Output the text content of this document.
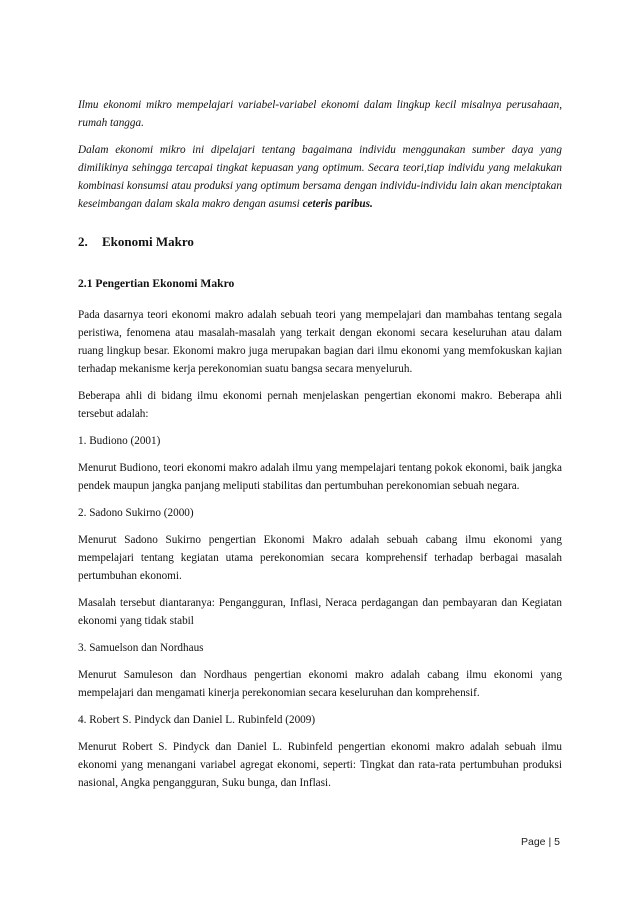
Ilmu ekonomi mikro mempelajari variabel-variabel ekonomi dalam lingkup kecil misalnya perusahaan, rumah tangga.

Dalam ekonomi mikro ini dipelajari tentang bagaimana individu menggunakan sumber daya yang dimilikinya sehingga tercapai tingkat kepuasan yang optimum. Secara teori,tiap individu yang melakukan kombinasi konsumsi atau produksi yang optimum bersama dengan individu-individu lain akan menciptakan keseimbangan dalam skala makro dengan asumsi ceteris paribus.

2. Ekonomi Makro
2.1 Pengertian Ekonomi Makro

Pada dasarnya teori ekonomi makro adalah sebuah teori yang mempelajari dan mambahas tentang segala peristiwa, fenomena atau masalah-masalah yang terkait dengan ekonomi secara keseluruhan atau dalam ruang lingkup besar. Ekonomi makro juga merupakan bagian dari ilmu ekonomi yang memfokuskan kajian terhadap mekanisme kerja perekonomian suatu bangsa secara menyeluruh.

Beberapa ahli di bidang ilmu ekonomi pernah menjelaskan pengertian ekonomi makro. Beberapa ahli tersebut adalah:

1. Budiono (2001)

Menurut Budiono, teori ekonomi makro adalah ilmu yang mempelajari tentang pokok ekonomi, baik jangka pendek maupun jangka panjang meliputi stabilitas dan pertumbuhan perekonomian sebuah negara.

2. Sadono Sukirno (2000)

Menurut Sadono Sukirno pengertian Ekonomi Makro adalah sebuah cabang ilmu ekonomi yang mempelajari tentang kegiatan utama perekonomian secara komprehensif terhadap berbagai masalah pertumbuhan ekonomi.

Masalah tersebut diantaranya: Pengangguran, Inflasi, Neraca perdagangan dan pembayaran dan Kegiatan ekonomi yang tidak stabil

3. Samuelson dan Nordhaus

Menurut Samuleson dan Nordhaus pengertian ekonomi makro adalah cabang ilmu ekonomi yang mempelajari dan mengamati kinerja perekonomian secara keseluruhan dan komprehensif.

4. Robert S. Pindyck dan Daniel L. Rubinfeld (2009)

Menurut Robert S. Pindyck dan Daniel L. Rubinfeld pengertian ekonomi makro adalah sebuah ilmu ekonomi yang menangani variabel agregat ekonomi, seperti: Tingkat dan rata-rata pertumbuhan produksi nasional, Angka pengangguran, Suku bunga, dan Inflasi.

Page | 5
